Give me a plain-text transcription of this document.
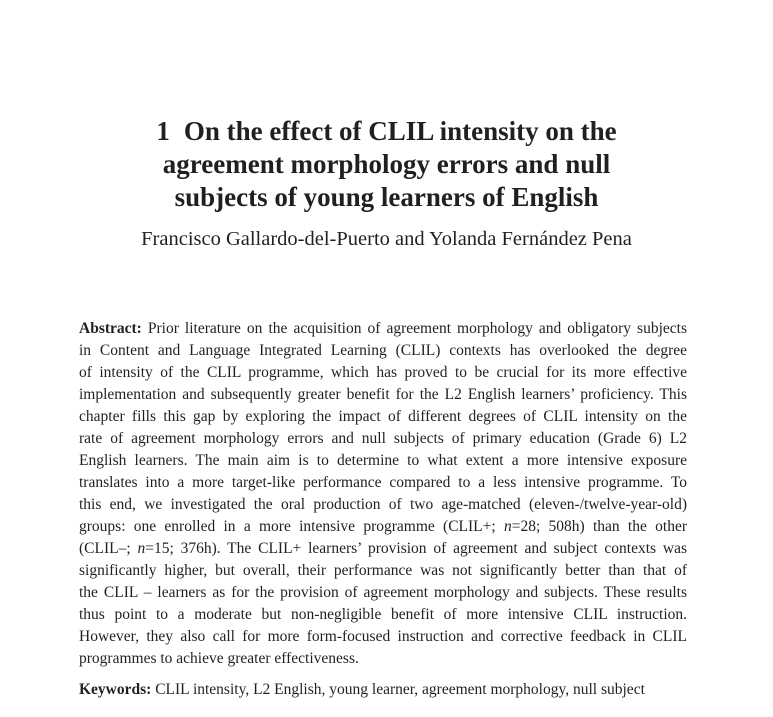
1 On the effect of CLIL intensity on the
agreement morphology errors and null
subjects of young learners of English

Francisco Gallardo-del-Puerto and Yolanda Fernández Pena

Abstract: Prior literature on the acquisition of agreement morphology and obligatory subjects
in Content and Language Integrated Learning (CLIL) contexts has overlooked the degree
of intensity of the CLIL programme, which has proved to be crucial for its more effective
implementation and subsequently greater benefit for the L2 English learners’ proficiency. This
chapter fills this gap by exploring the impact of different degrees of CLIL intensity on the
rate of agreement morphology errors and null subjects of primary education (Grade 6) L2
English learners. The main aim is to determine to what extent a more intensive exposure
translates into a more target-like performance compared to a less intensive programme. To
this end, we investigated the oral production of two age-matched (eleven-/twelve-year-old)
groups: one enrolled in a more intensive programme (CLIL+; n=28; 508h) than the other
(CLIL–; n=15; 376h). The CLIL+ learners’ provision of agreement and subject contexts was
significantly higher, but overall, their performance was not significantly better than that of
the CLIL – learners as for the provision of agreement morphology and subjects. These results
thus point to a moderate but non-negligible benefit of more intensive CLIL instruction.
However, they also call for more form-focused instruction and corrective feedback in CLIL
programmes to achieve greater effectiveness.

Keywords: CLIL intensity, L2 English, young learner, agreement morphology, null subject
